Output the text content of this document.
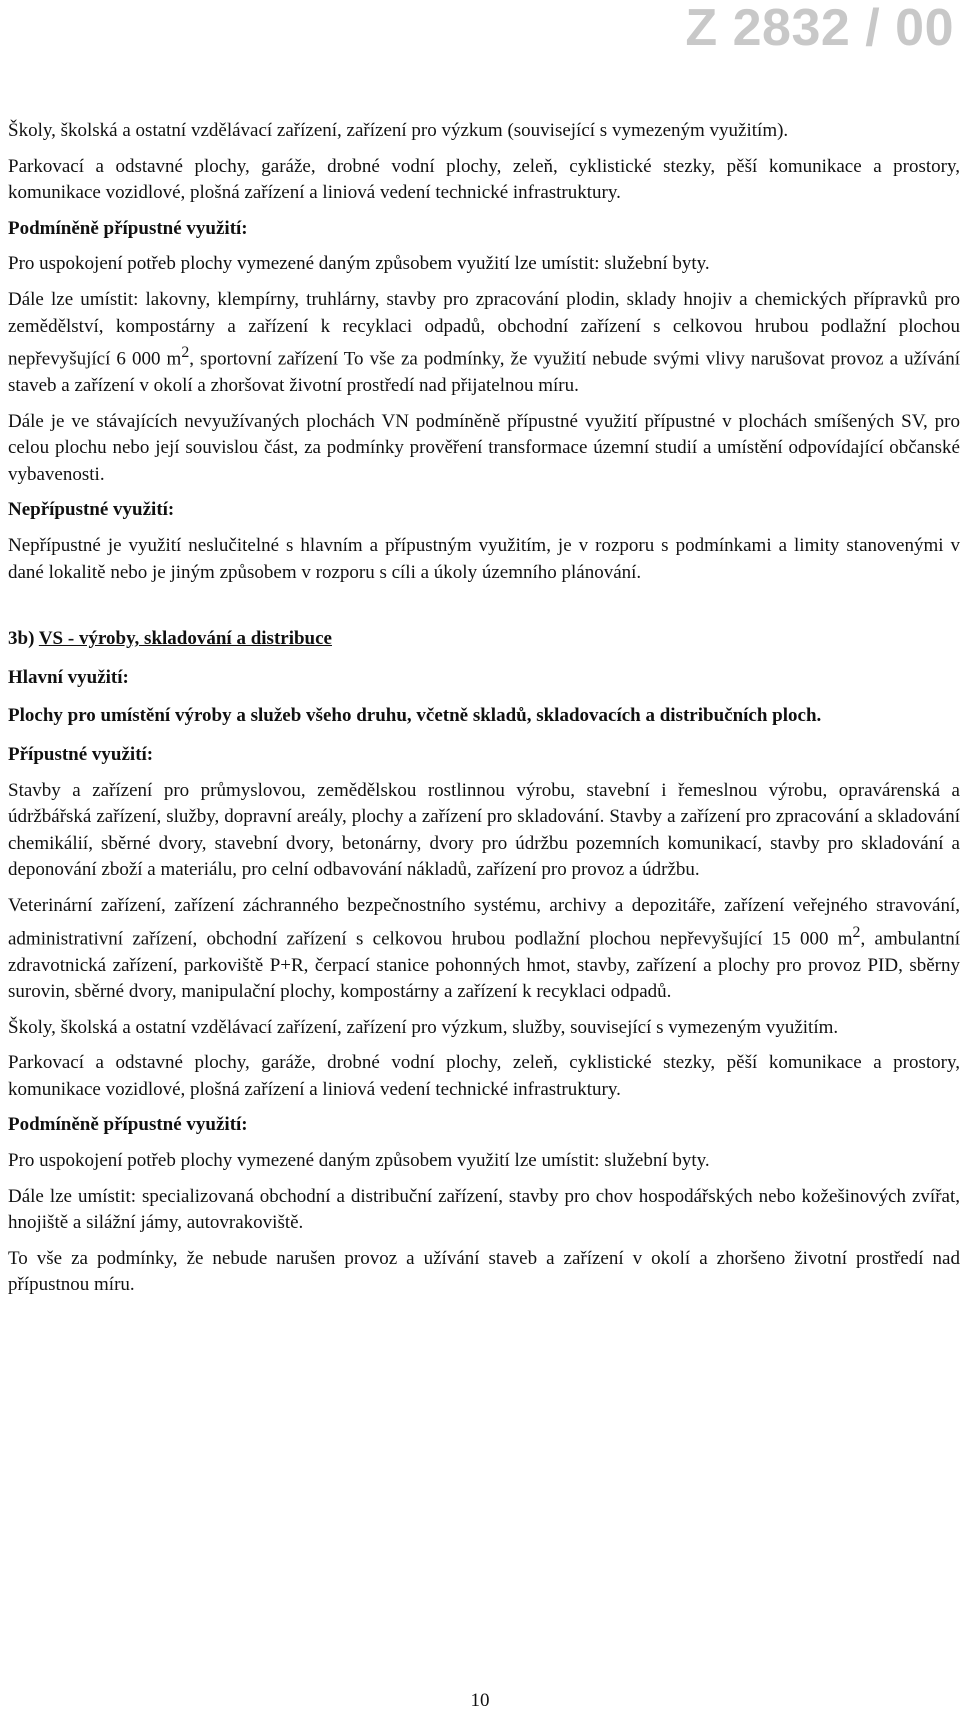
Z 2832 / 00

Školy, školská a ostatní vzdělávací zařízení, zařízení pro výzkum (související s vymezeným využitím).

Parkovací a odstavné plochy, garáže, drobné vodní plochy, zeleň, cyklistické stezky, pěší komunikace a prostory, komunikace vozidlové, plošná zařízení a liniová vedení technické infrastruktury.

Podmíněně přípustné využití:

Pro uspokojení potřeb plochy vymezené daným způsobem využití lze umístit: služební byty.

Dále lze umístit: lakovny, klempírny, truhlárny, stavby pro zpracování plodin, sklady hnojiv a chemických přípravků pro zemědělství, kompostárny a zařízení k recyklaci odpadů, obchodní zařízení s celkovou hrubou podlažní plochou nepřevyšující 6 000 $m^2$, sportovní zařízení To vše za podmínky, že využití nebude svými vlivy narušovat provoz a užívání staveb a zařízení v okolí a zhoršovat životní prostředí nad přijatelnou míru.

Dále je ve stávajících nevyužívaných plochách VN podmíněně přípustné využití přípustné v plochách smíšených SV, pro celou plochu nebo její souvislou část, za podmínky prověření transformace územní studií a umístění odpovídající občanské vybavenosti.

Nepřípustné využití:

Nepřípustné je využití neslučitelné s hlavním a přípustným využitím, je v rozporu s podmínkami a limity stanovenými v dané lokalitě nebo je jiným způsobem v rozporu s cíli a úkoly územního plánování.

3b) VS - výroby, skladování a distribuce

Hlavní využití:

Plochy pro umístění výroby a služeb všeho druhu, včetně skladů, skladovacích a distribučních ploch.

Přípustné využití:

Stavby a zařízení pro průmyslovou, zemědělskou rostlinnou výrobu, stavební i řemeslnou výrobu, opravárenská a údržbářská zařízení, služby, dopravní areály, plochy a zařízení pro skladování. Stavby a zařízení pro zpracování a skladování chemikálií, sběrné dvory, stavební dvory, betonárny, dvory pro údržbu pozemních komunikací, stavby pro skladování a deponování zboží a materiálu, pro celní odbavování nákladů, zařízení pro provoz a údržbu.

Veterinární zařízení, zařízení záchranného bezpečnostního systému, archivy a depozitáře, zařízení veřejného stravování, administrativní zařízení, obchodní zařízení s celkovou hrubou podlažní plochou nepřevyšující 15 000 $m^2$, ambulantní zdravotnická zařízení, parkoviště P+R, čerpací stanice pohonných hmot, stavby, zařízení a plochy pro provoz PID, sběrny surovin, sběrné dvory, manipulační plochy, kompostárny a zařízení k recyklaci odpadů.

Školy, školská a ostatní vzdělávací zařízení, zařízení pro výzkum, služby, související s vymezeným využitím.

Parkovací a odstavné plochy, garáže, drobné vodní plochy, zeleň, cyklistické stezky, pěší komunikace a prostory, komunikace vozidlové, plošná zařízení a liniová vedení technické infrastruktury.

Podmíněně přípustné využití:

Pro uspokojení potřeb plochy vymezené daným způsobem využití lze umístit: služební byty.

Dále lze umístit: specializovaná obchodní a distribuční zařízení, stavby pro chov hospodářských nebo kožešinových zvířat, hnojiště a silážní jámy, autovrakoviště.

To vše za podmínky, že nebude narušen provoz a užívání staveb a zařízení v okolí a zhoršeno životní prostředí nad přípustnou míru.

10
